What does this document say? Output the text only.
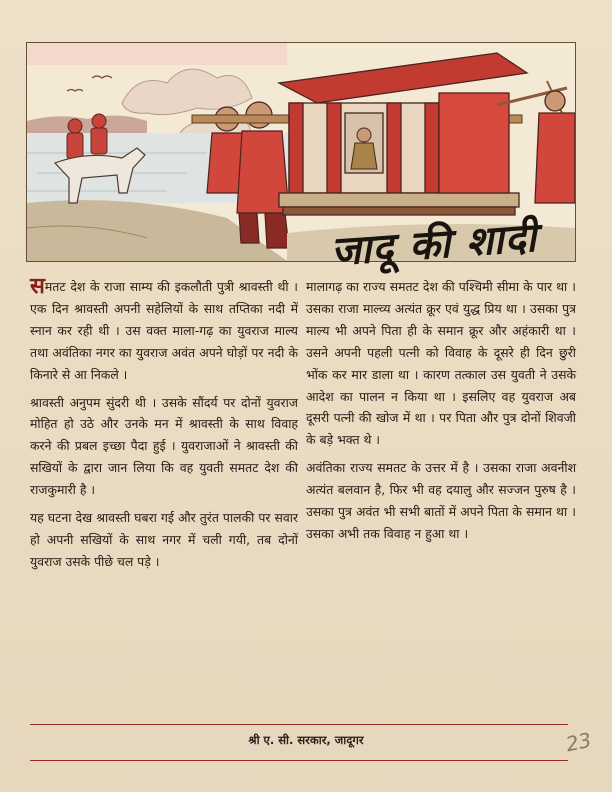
जादू की शादी

समतट देश के राजा साम्य की इकलौती पुत्री श्रावस्ती थी । एक दिन श्रावस्ती अपनी सहेलियों के साथ तप्तिका नदी में स्नान कर रही थी । उस वक्त माला-गढ़ का युवराज माल्य तथा अवंतिका नगर का युवराज अवंत अपने घोड़ों पर नदी के किनारे से आ निकले ।

श्रावस्ती अनुपम सुंदरी थी । उसके सौंदर्य पर दोनों युवराज मोहित हो उठे और उनके मन में श्रावस्ती के साथ विवाह करने की प्रबल इच्छा पैदा हुई । युवराजाओं ने श्रावस्ती की सखियों के द्वारा जान लिया कि वह युवती समतट देश की राजकुमारी है ।

यह घटना देख श्रावस्ती घबरा गई और तुरंत पालकी पर सवार हो अपनी सखियों के साथ नगर में चली गयी, तब दोनों युवराज उसके पीछे चल पड़े ।

मालागढ़ का राज्य समतट देश की पश्चिमी सीमा के पार था । उसका राजा माल्व्य अत्यंत क्रूर एवं युद्ध प्रिय था । उसका पुत्र माल्य भी अपने पिता ही के समान क्रूर और अहंकारी था । उसने अपनी पहली पत्नी को विवाह के दूसरे ही दिन छुरी भोंक कर मार डाला था । कारण तत्काल उस युवती ने उसके आदेश का पालन न किया था । इसलिए वह युवराज अब दूसरी पत्नी की खोज में था । पर पिता और पुत्र दोनों शिवजी के बड़े भक्त थे ।

अवंतिका राज्य समतट के उत्तर में है । उसका राजा अवनीश अत्यंत बलवान है, फिर भी वह दयालु और सज्जन पुरुष है । उसका पुत्र अवंत भी सभी बातों में अपने पिता के समान था । उसका अभी तक विवाह न हुआ था ।

श्री ए. सी. सरकार, जादूगर	23
